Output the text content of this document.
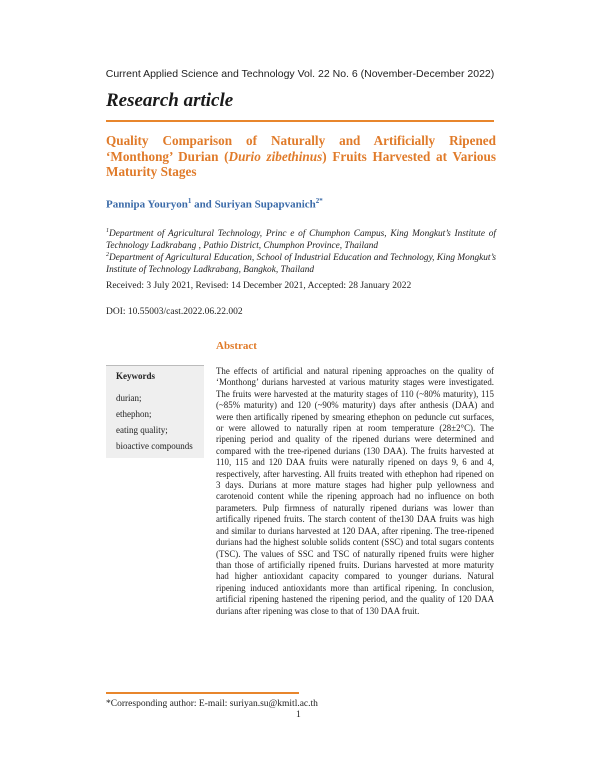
Current Applied Science and Technology Vol. 22 No. 6 (November-December 2022)
Research article
Quality Comparison of Naturally and Artificially Ripened ‘Monthong’ Durian (Durio zibethinus) Fruits Harvested at Various Maturity Stages
Pannipa Youryon$^1$ and Suriyan Supapvanich$^{2*}$
$^1$Department of Agricultural Technology, Princ e of Chumphon Campus, King Mongkut’s Institute of Technology Ladkrabang , Pathio District, Chumphon Province, Thailand
$^2$Department of Agricultural Education, School of Industrial Education and Technology, King Mongkut’s Institute of Technology Ladkrabang, Bangkok, Thailand
Received: 3 July 2021, Revised: 14 December 2021, Accepted: 28 January 2022
DOI: 10.55003/cast.2022.06.22.002
Abstract
Keywords
durian;
ethephon;
eating quality;
bioactive compounds
The effects of artificial and natural ripening approaches on the quality of ‘Monthong’ durians harvested at various maturity stages were investigated. The fruits were harvested at the maturity stages of 110 (~80% maturity), 115 (~85% maturity) and 120 (~90% maturity) days after anthesis (DAA) and were then artifically ripened by smearing ethephon on peduncle cut surfaces, or were allowed to naturally ripen at room temperature (28±2°C). The ripening period and quality of the ripened durians were determined and compared with the tree-ripened durians (130 DAA). The fruits harvested at 110, 115 and 120 DAA fruits were naturally ripened on days 9, 6 and 4, respectively, after harvesting. All fruits treated with ethephon had ripened on 3 days. Durians at more mature stages had higher pulp yellowness and carotenoid content while the ripening approach had no influence on both parameters. Pulp firmness of naturally ripened durians was lower than artifically ripened fruits. The starch content of the130 DAA fruits was high and similar to durians harvested at 120 DAA, after ripening. The tree-ripened durians had the highest soluble solids content (SSC) and total sugars contents (TSC). The values of SSC and TSC of naturally ripened fruits were higher than those of artificially ripened fruits. Durians harvested at more maturity had higher antioxidant capacity compared to younger durians. Natural ripening induced antioxidants more than artifical ripening. In conclusion, artificial ripening hastened the ripening period, and the quality of 120 DAA durians after ripening was close to that of 130 DAA fruit.
*Corresponding author: E-mail: suriyan.su@kmitl.ac.th
1
